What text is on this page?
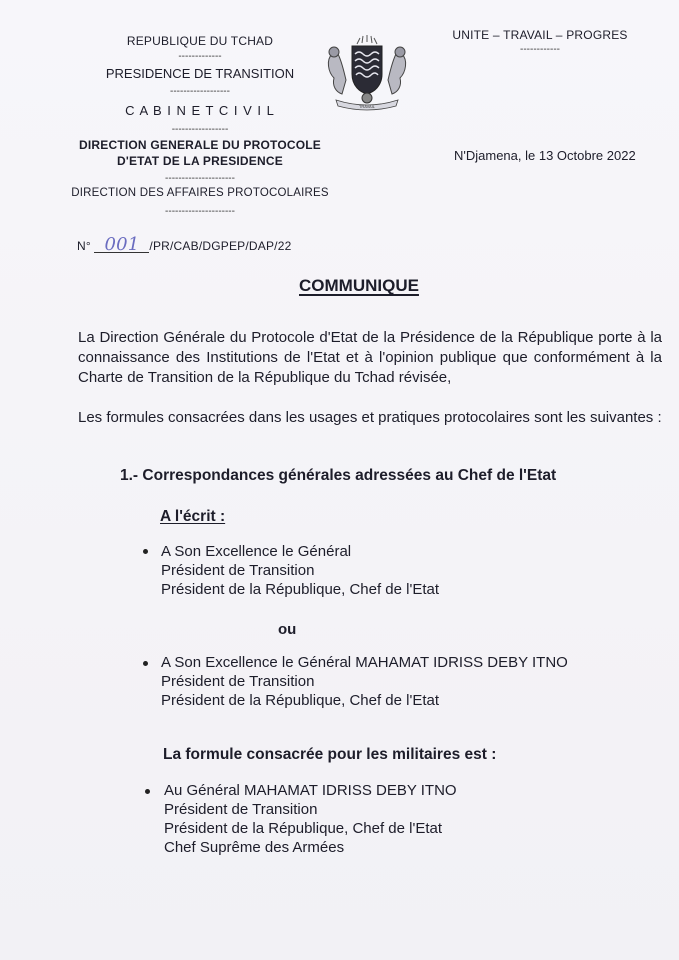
REPUBLIQUE DU TCHAD
-------------
PRESIDENCE DE TRANSITION
------------------
C A B I N E T C I V I L
-----------------
DIRECTION GENERALE DU PROTOCOLE
D'ETAT DE LA PRESIDENCE
---------------------
DIRECTION DES AFFAIRES PROTOCOLAIRES
---------------------
N° 001 /PR/CAB/DGPEP/DAP/22
TRAVAIL
UNITE – TRAVAIL – PROGRES
------------
N'Djamena, le 13 Octobre 2022
COMMUNIQUE
La Direction Générale du Protocole d'Etat de la Présidence de la République porte à la connaissance des Institutions de l'Etat et à l'opinion publique que conformément à la Charte de Transition de la République du Tchad révisée,
Les formules consacrées dans les usages et pratiques protocolaires sont les suivantes :
1.- Correspondances générales adressées au Chef de l'Etat
A l'écrit :
A Son Excellence le Général
Président de Transition
Président de la République, Chef de l'Etat
ou
A Son Excellence le Général MAHAMAT IDRISS DEBY ITNO
Président de Transition
Président de la République, Chef de l'Etat
La formule consacrée pour les militaires est :
Au Général MAHAMAT IDRISS DEBY ITNO
Président de Transition
Président de la République, Chef de l'Etat
Chef Suprême des Armées
